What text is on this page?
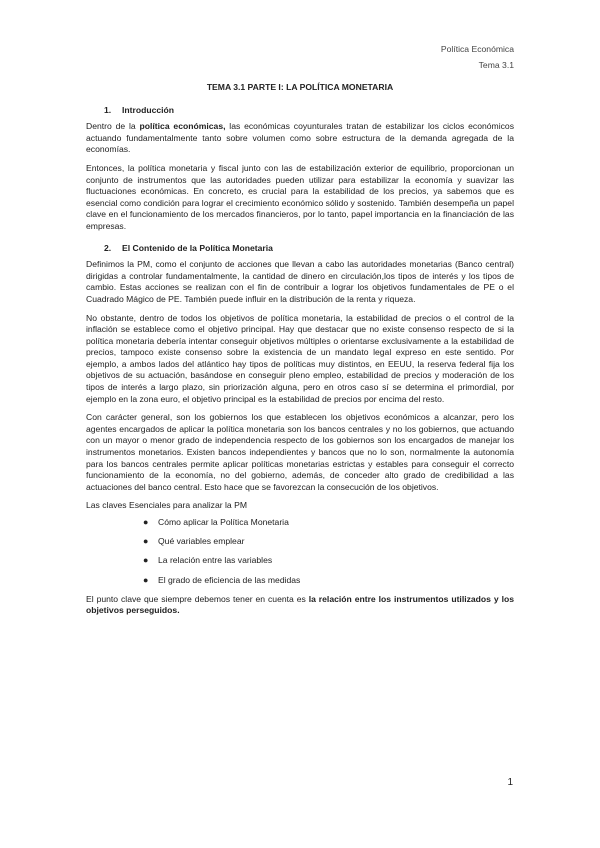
Política Económica
Tema 3.1
TEMA 3.1 PARTE I: LA POLÍTICA MONETARIA
1. Introducción

Dentro de la política económicas, las económicas coyunturales tratan de estabilizar los ciclos económicos actuando fundamentalmente tanto sobre volumen como sobre estructura de la demanda agregada de la economías.

Entonces, la política monetaria y fiscal junto con las de estabilización exterior de equilibrio, proporcionan un conjunto de instrumentos que las autoridades pueden utilizar para estabilizar la economía y suavizar las fluctuaciones económicas. En concreto, es crucial para la estabilidad de los precios, ya sabemos que es esencial como condición para lograr el crecimiento económico sólido y sostenido. También desempeña un papel clave en el funcionamiento de los mercados financieros, por lo tanto, papel importancia en la financiación de las empresas.

2. El Contenido de la Política Monetaria

Definimos la PM, como el conjunto de acciones que llevan a cabo las autoridades monetarias (Banco central) dirigidas a controlar fundamentalmente, la cantidad de dinero en circulación,los tipos de interés y los tipos de cambio. Estas acciones se realizan con el fin de contribuir a lograr los objetivos fundamentales de PE o el Cuadrado Mágico de PE. También puede influir en la distribución de la renta y riqueza.

No obstante, dentro de todos los objetivos de política monetaria, la estabilidad de precios o el control de la inflación se establece como el objetivo principal. Hay que destacar que no existe consenso respecto de si la política monetaria debería intentar conseguir objetivos múltiples o orientarse exclusivamente a la estabilidad de precios, tampoco existe consenso sobre la existencia de un mandato legal expreso en este sentido. Por ejemplo, a ambos lados del atlántico hay tipos de políticas muy distintos, en EEUU, la reserva federal fija los objetivos de su actuación, basándose en conseguir pleno empleo, estabilidad de precios y moderación de los tipos de interés a largo plazo, sin priorización alguna, pero en otros caso sí se determina el primordial, por ejemplo en la zona euro, el objetivo principal es la estabilidad de precios por encima del resto.

Con carácter general, son los gobiernos los que establecen los objetivos económicos a alcanzar, pero los agentes encargados de aplicar la política monetaria son los bancos centrales y no los gobiernos, que actuando con un mayor o menor grado de independencia respecto de los gobiernos son los encargados de manejar los instrumentos monetarios. Existen bancos independientes y bancos que no lo son, normalmente la autonomía para los bancos centrales permite aplicar políticas monetarias estrictas y estables para conseguir el correcto funcionamiento de la economía, no del gobierno, además, de conceder alto grado de credibilidad a las actuaciones del banco central. Esto hace que se favorezcan la consecución de los objetivos.

Las claves Esenciales para analizar la PM

● Cómo aplicar la Política Monetaria
● Qué variables emplear
● La relación entre las variables
● El grado de eficiencia de las medidas

El punto clave que siempre debemos tener en cuenta es la relación entre los instrumentos utilizados y los objetivos perseguidos.

1
